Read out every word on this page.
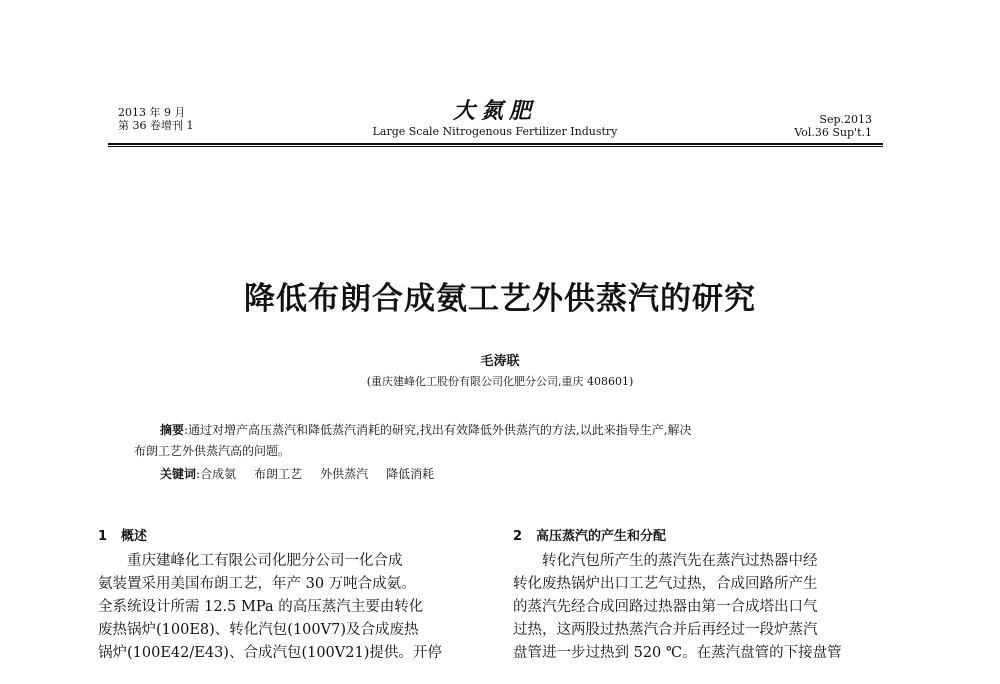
2013 年 9 月
第 36 卷增刊 1
大氮肥
Large Scale Nitrogenous Fertilizer Industry
Sep.2013
Vol.36 Sup't.1
降低布朗合成氨工艺外供蒸汽的研究
毛涛联
(重庆建峰化工股份有限公司化肥分公司,重庆 408601)
摘要:通过对增产高压蒸汽和降低蒸汽消耗的研究,找出有效降低外供蒸汽的方法,以此来指导生产,解决
布朗工艺外供蒸汽高的问题。
关键词:合成氨 布朗工艺 外供蒸汽 降低消耗
1 概述
重庆建峰化工有限公司化肥分公司一化合成
氨装置采用美国布朗工艺，年产 30 万吨合成氨。
全系统设计所需 12.5 MPa 的高压蒸汽主要由转化
废热锅炉(100E8)、转化汽包(100V7)及合成废热
锅炉(100E42/E43)、合成汽包(100V21)提供。开停
2 高压蒸汽的产生和分配
转化汽包所产生的蒸汽先在蒸汽过热器中经
转化废热锅炉出口工艺气过热，合成回路所产生
的蒸汽先经合成回路过热器由第一合成塔出口气
过热，这两股过热蒸汽合并后再经过一段炉蒸汽
盘管进一步过热到 520 ℃。在蒸汽盘管的下接盘管
